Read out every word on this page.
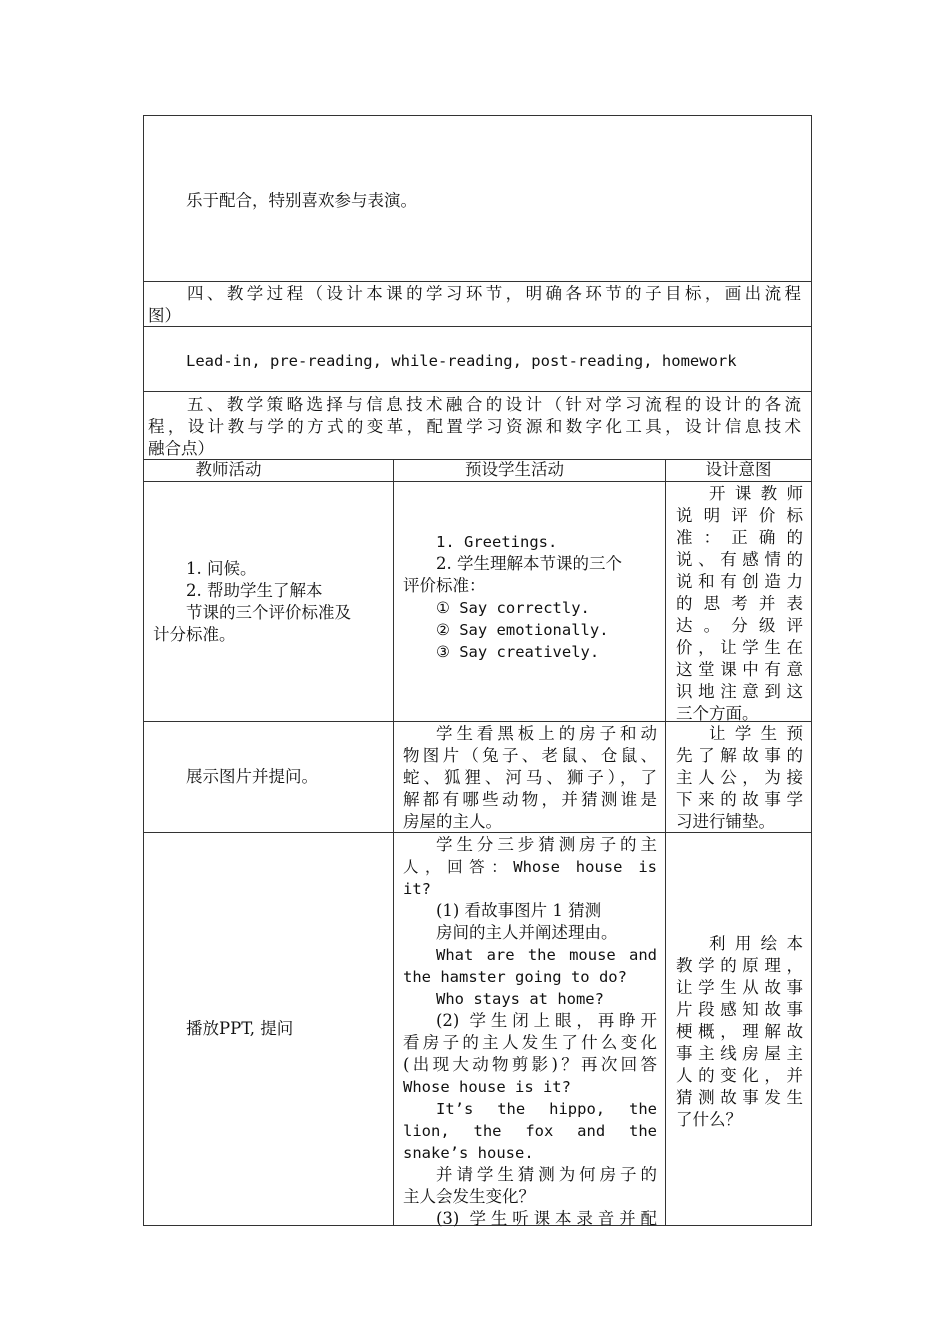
乐于配合，特别喜欢参与表演。
四、教学过程（设计本课的学习环节，明确各环节的子目标，画出流程
图）
Lead-in, pre-reading, while-reading, post-reading, homework
五、教学策略选择与信息技术融合的设计（针对学习流程的设计的各流
程，设计教与学的方式的变革，配置学习资源和数字化工具，设计信息技术
融合点）
教师活动	预设学生活动	设计意图
1. 问候。
2. 帮助学生了解本
节课的三个评价标准及
计分标准。
1. Greetings.
2. 学生理解本节课的三个
评价标准：
① Say correctly.
② Say emotionally.
③ Say creatively.
开课教师
说明评价标
准：正确的
说、有感情的
说和有创造力
的思考并表
达。分级评
价，让学生在
这堂课中有意
识地注意到这
三个方面。
展示图片并提问。
学生看黑板上的房子和动
物图片（兔子、老鼠、仓鼠、
蛇、狐狸、河马、狮子），了
解都有哪些动物，并猜测谁是
房屋的主人。
让学生预
先了解故事的
主人公，为接
下来的故事学
习进行铺垫。
播放PPT, 提问
学生分三步猜测房子的主
人，回答：Whose house is
it?
(1) 看故事图片 1 猜测
房间的主人并阐述理由。
What are the mouse and
the hamster going to do?
Who stays at home?
(2) 学生闭上眼，再睁开
看房子的主人发生了什么变化
(出现大动物剪影)？再次回答
Whose house is it?
It’s the hippo, the
lion, the fox and the
snake’s house.
并请学生猜测为何房子的
主人会发生变化？
(3) 学生听课本录音并配
利用绘本
教学的原理，
让学生从故事
片段感知故事
梗概，理解故
事主线房屋主
人的变化，并
猜测故事发生
了什么？
